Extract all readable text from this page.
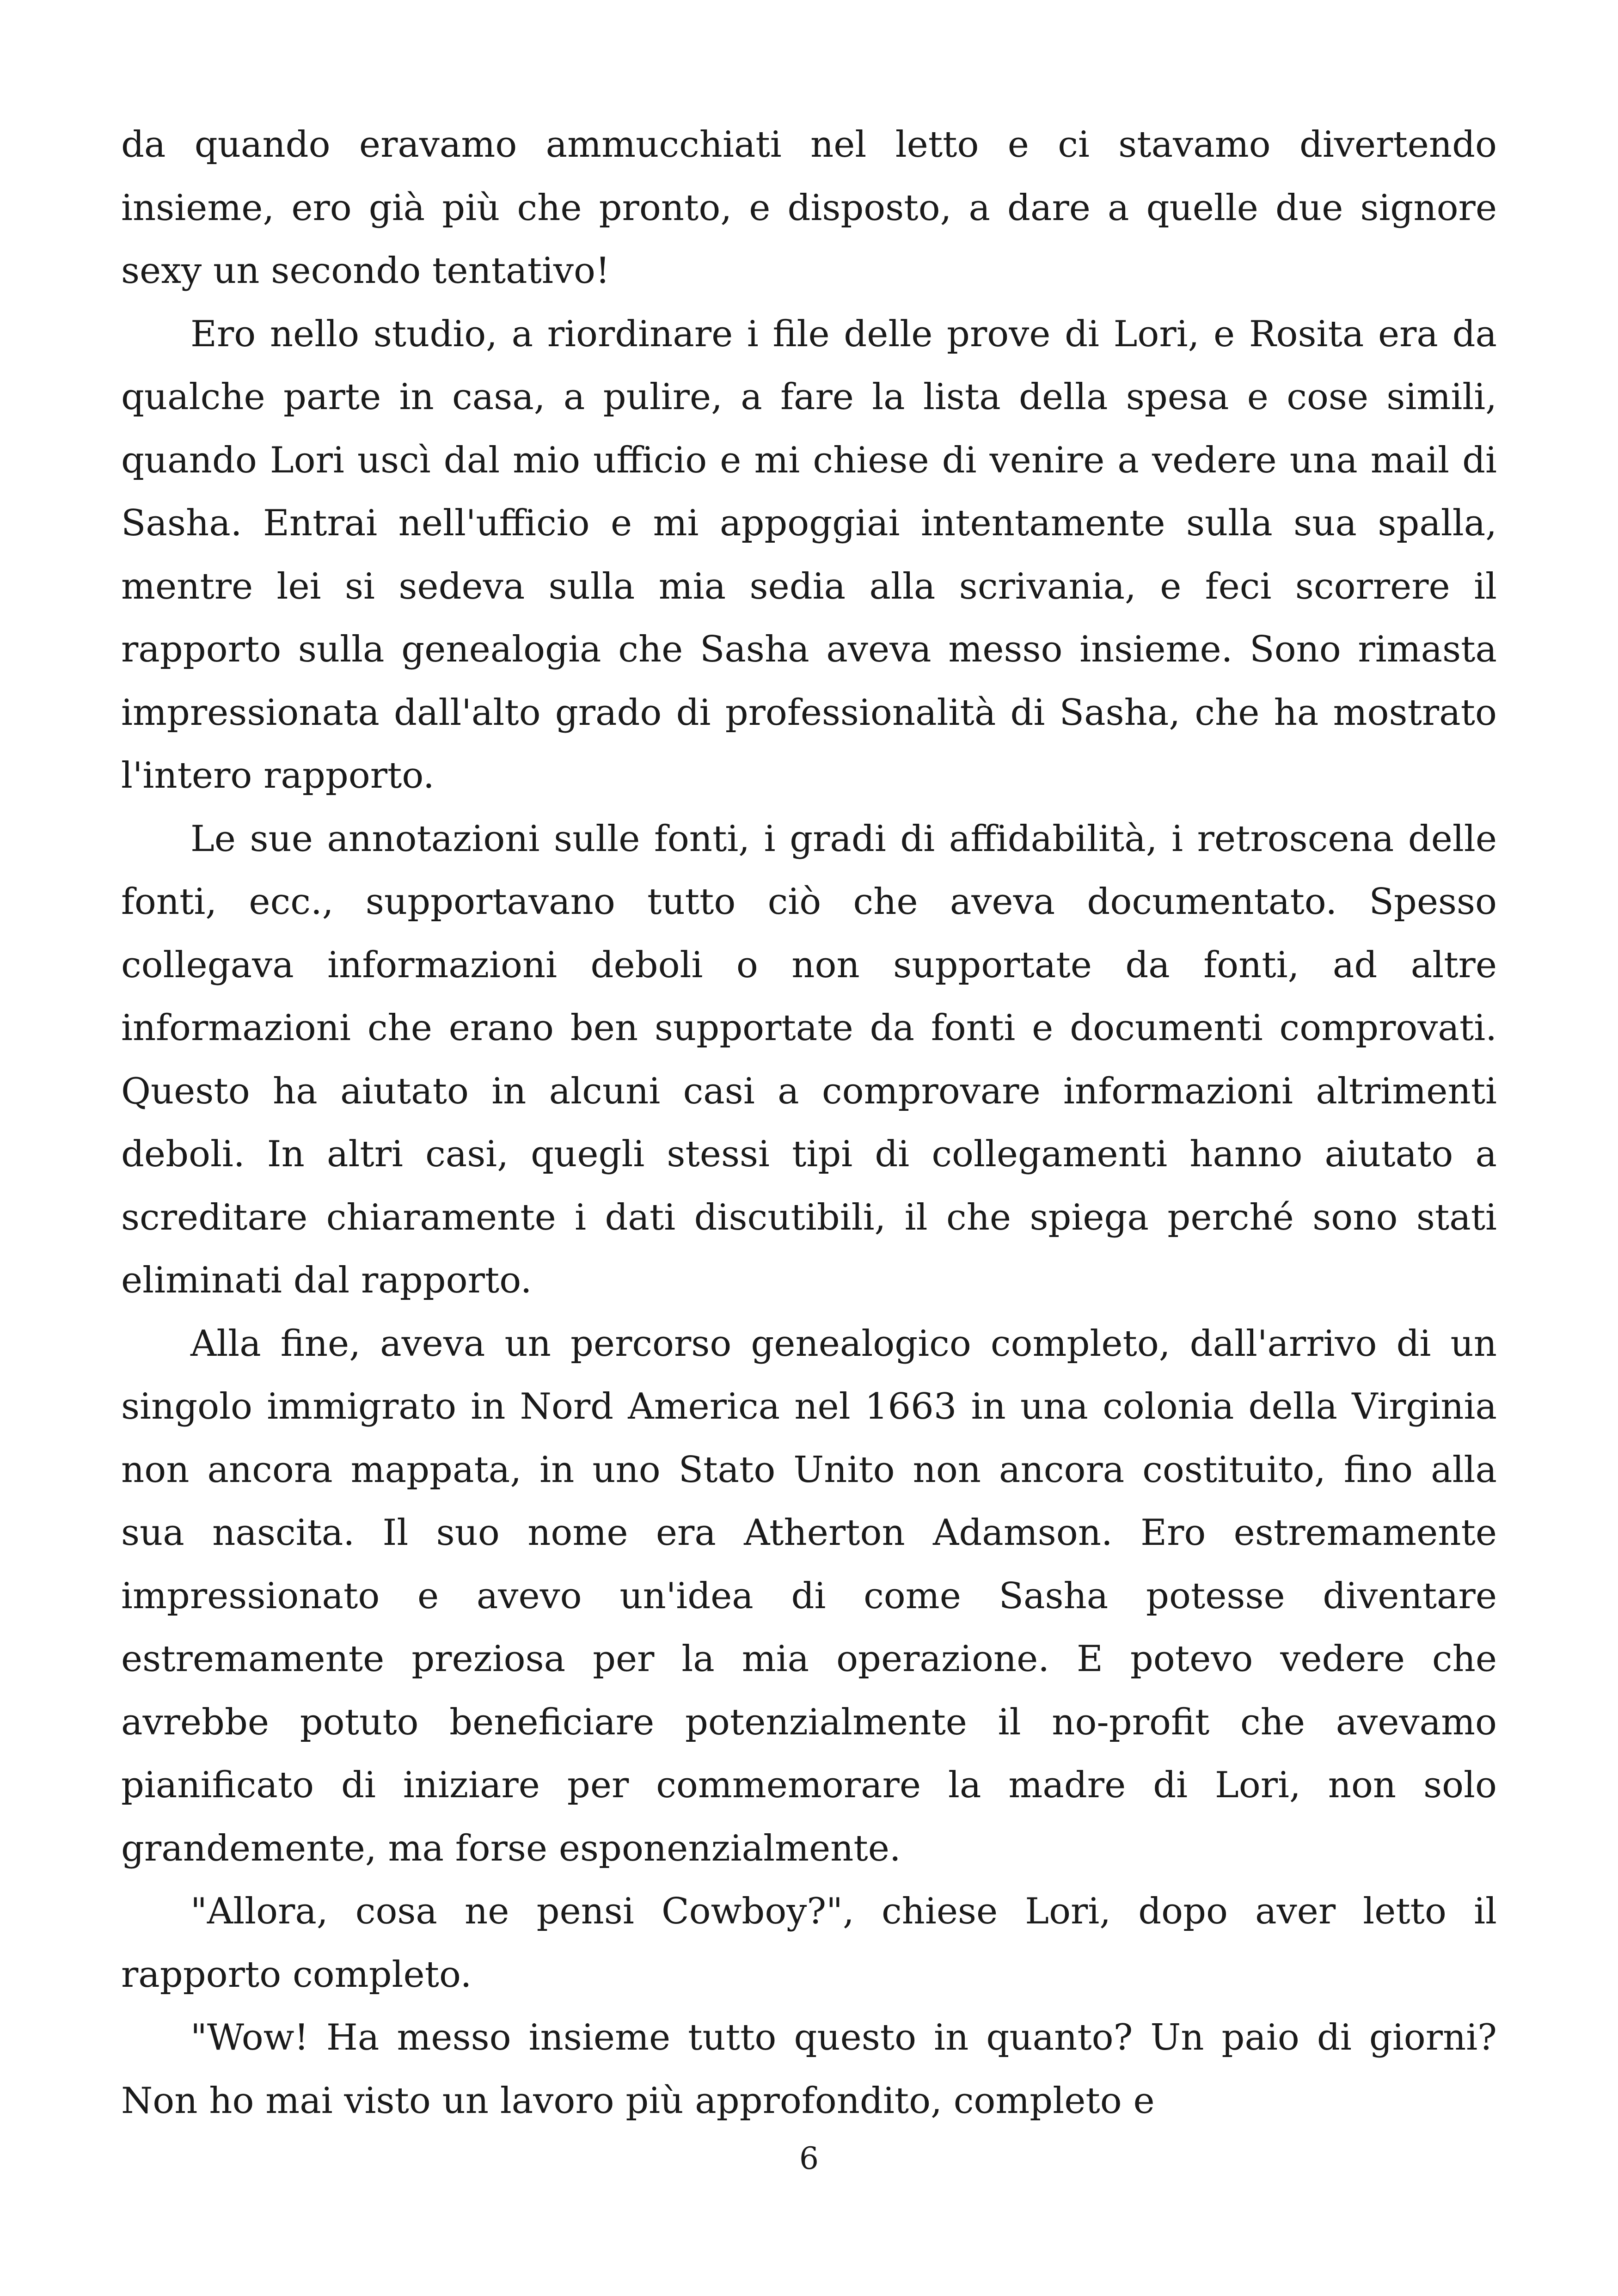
da quando eravamo ammucchiati nel letto e ci stavamo divertendo insieme, ero già più che pronto, e disposto, a dare a quelle due signore sexy un secondo tentativo!

Ero nello studio, a riordinare i file delle prove di Lori, e Rosita era da qualche parte in casa, a pulire, a fare la lista della spesa e cose simili, quando Lori uscì dal mio ufficio e mi chiese di venire a vedere una mail di Sasha. Entrai nell'ufficio e mi appoggiai intentamente sulla sua spalla, mentre lei si sedeva sulla mia sedia alla scrivania, e feci scorrere il rapporto sulla genealogia che Sasha aveva messo insieme. Sono rimasta impressionata dall'alto grado di professionalità di Sasha, che ha mostrato l'intero rapporto.

Le sue annotazioni sulle fonti, i gradi di affidabilità, i retroscena delle fonti, ecc., supportavano tutto ciò che aveva documentato. Spesso collegava informazioni deboli o non supportate da fonti, ad altre informazioni che erano ben supportate da fonti e documenti comprovati. Questo ha aiutato in alcuni casi a comprovare informazioni altrimenti deboli. In altri casi, quegli stessi tipi di collegamenti hanno aiutato a screditare chiaramente i dati discutibili, il che spiega perché sono stati eliminati dal rapporto.

Alla fine, aveva un percorso genealogico completo, dall'arrivo di un singolo immigrato in Nord America nel 1663 in una colonia della Virginia non ancora mappata, in uno Stato Unito non ancora costituito, fino alla sua nascita. Il suo nome era Atherton Adamson. Ero estremamente impressionato e avevo un'idea di come Sasha potesse diventare estremamente preziosa per la mia operazione. E potevo vedere che avrebbe potuto beneficiare potenzialmente il no-profit che avevamo pianificato di iniziare per commemorare la madre di Lori, non solo grandemente, ma forse esponenzialmente.

"Allora, cosa ne pensi Cowboy?", chiese Lori, dopo aver letto il rapporto completo.

"Wow! Ha messo insieme tutto questo in quanto? Un paio di giorni? Non ho mai visto un lavoro più approfondito, completo e

6
